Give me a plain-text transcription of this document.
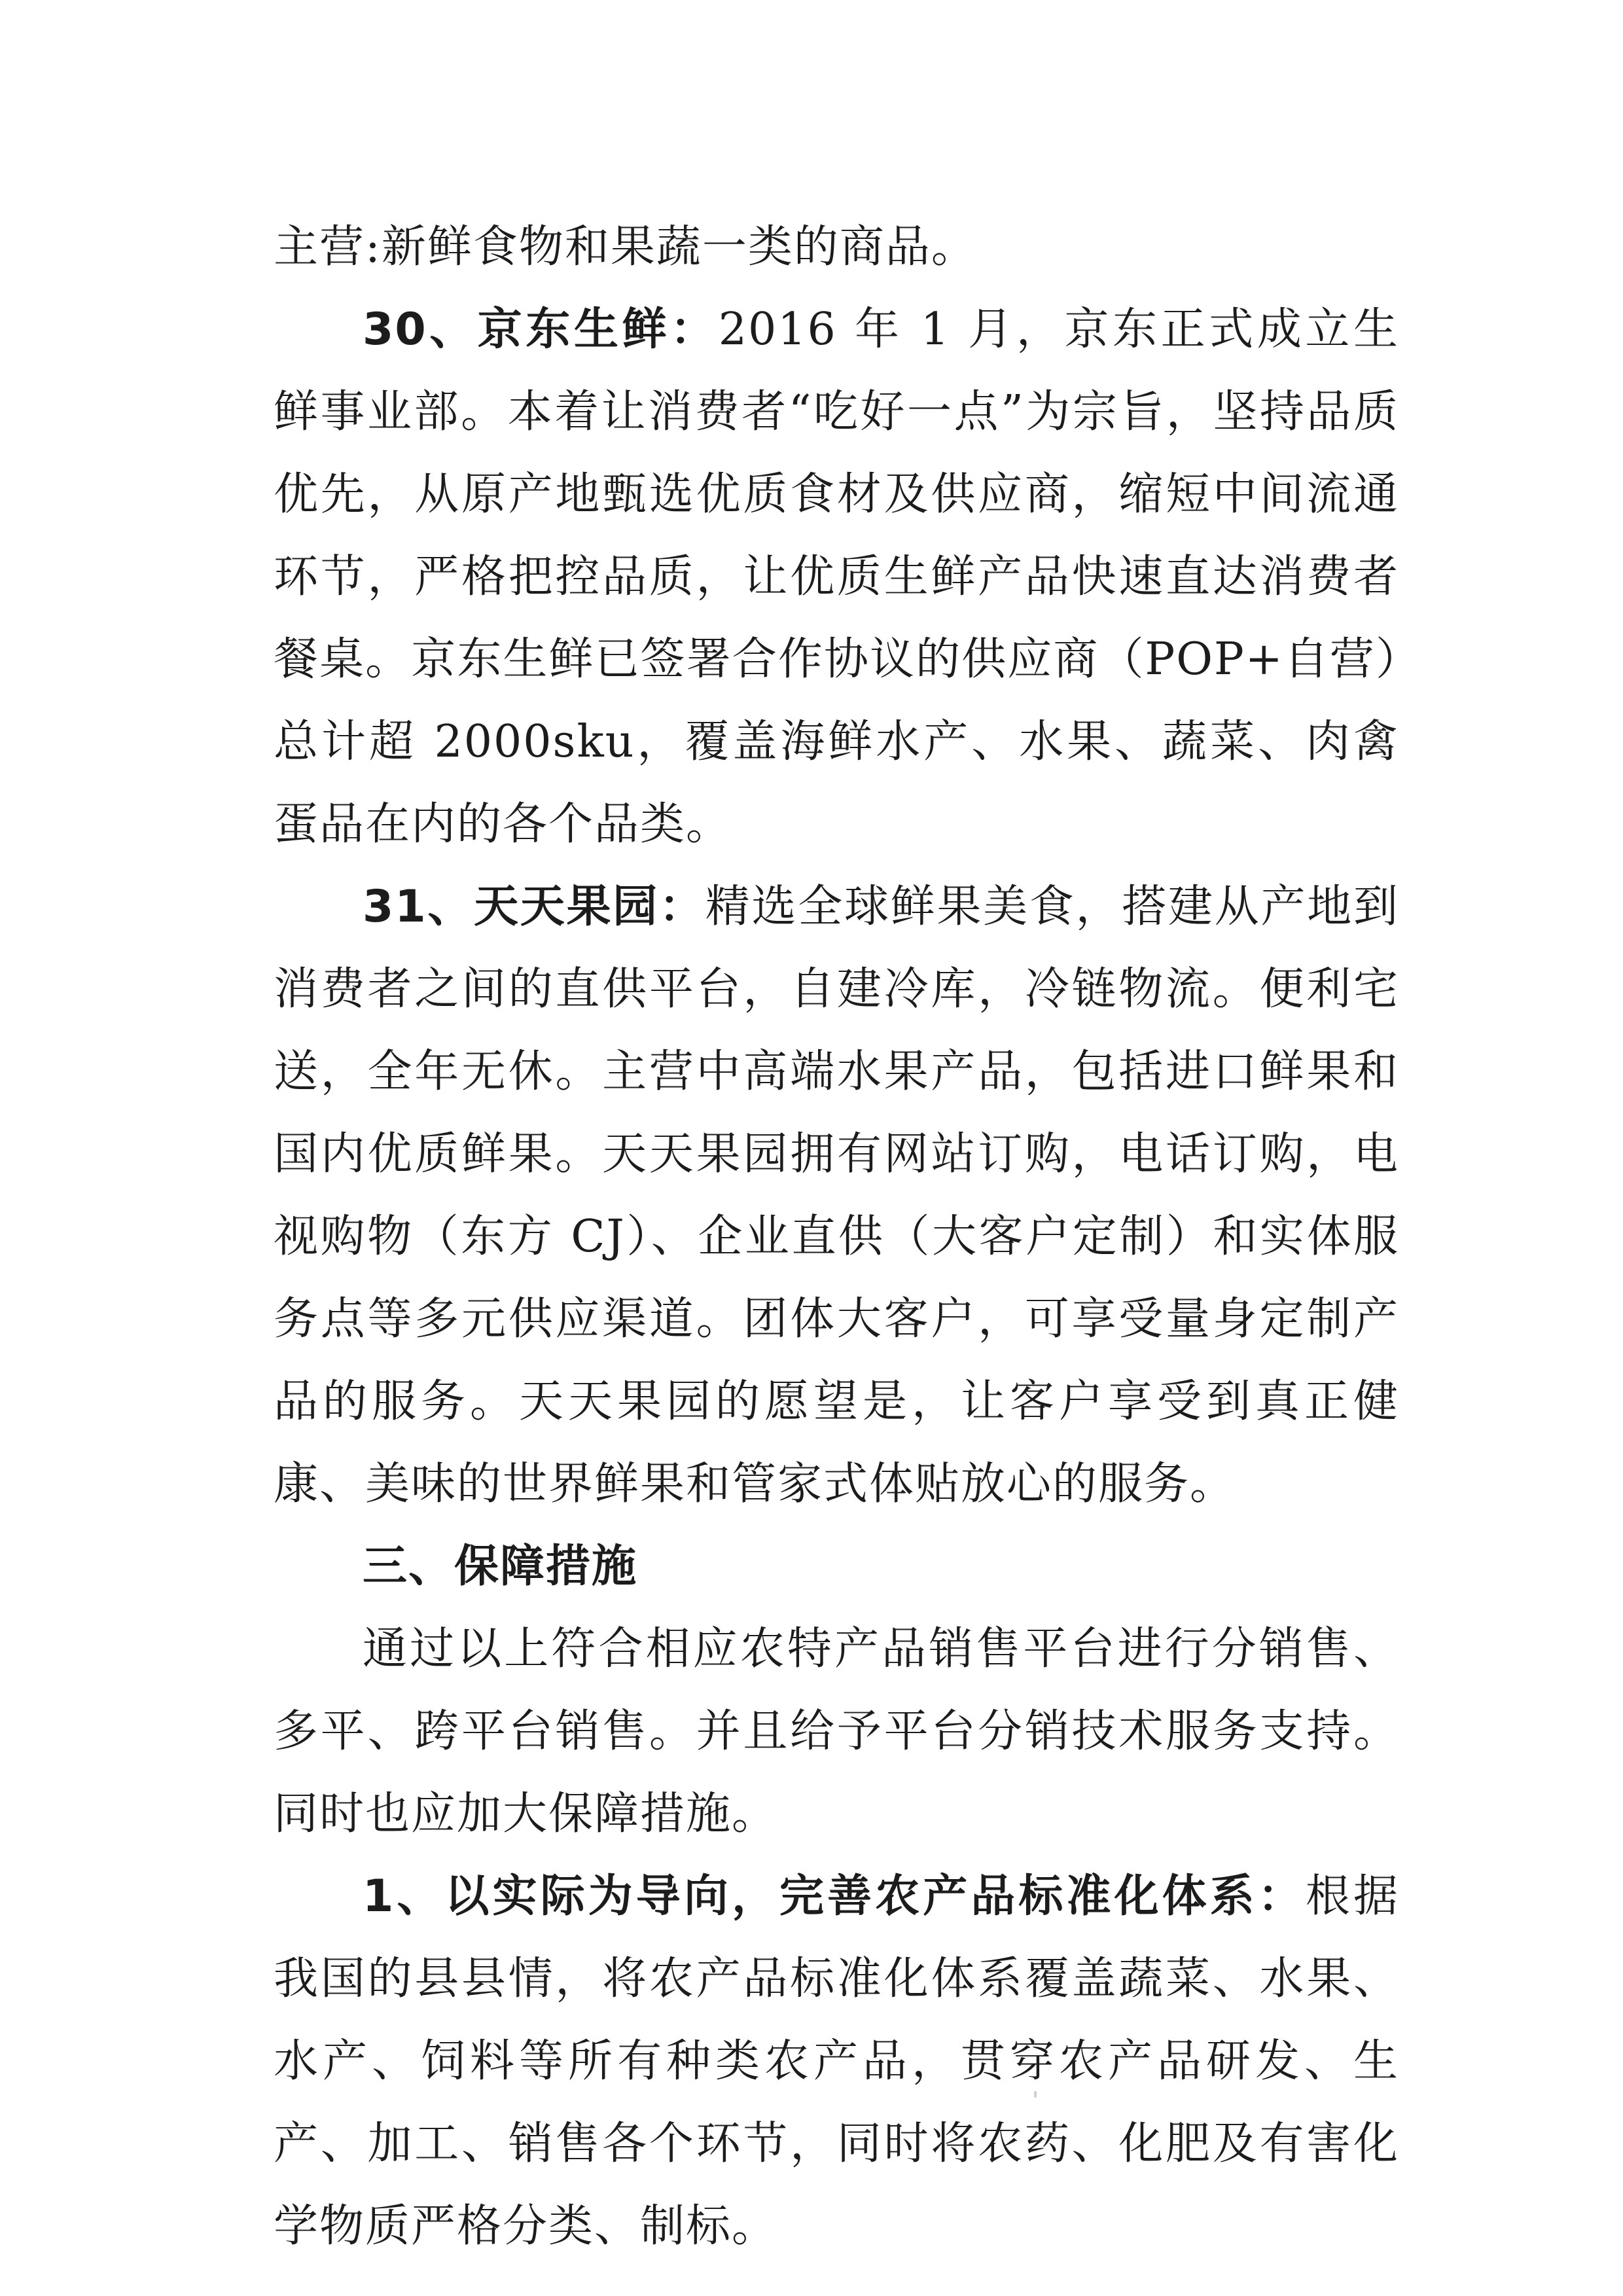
主营:新鲜食物和果蔬一类的商品。

30、京东生鲜：2016 年 1 月，京东正式成立生鲜事业部。本着让消费者“吃好一点”为宗旨，坚持品质优先，从原产地甄选优质食材及供应商，缩短中间流通环节，严格把控品质，让优质生鲜产品快速直达消费者餐桌。京东生鲜已签署合作协议的供应商（POP+自营）总计超 2000sku，覆盖海鲜水产、水果、蔬菜、肉禽蛋品在内的各个品类。

31、天天果园：精选全球鲜果美食，搭建从产地到消费者之间的直供平台，自建冷库，冷链物流。便利宅送，全年无休。主营中高端水果产品，包括进口鲜果和国内优质鲜果。天天果园拥有网站订购，电话订购，电视购物（东方 CJ）、企业直供（大客户定制）和实体服务点等多元供应渠道。团体大客户，可享受量身定制产品的服务。天天果园的愿望是，让客户享受到真正健康、美味的世界鲜果和管家式体贴放心的服务。

三、保障措施

通过以上符合相应农特产品销售平台进行分销售、多平、跨平台销售。并且给予平台分销技术服务支持。同时也应加大保障措施。

1、以实际为导向，完善农产品标准化体系：根据我国的县县情，将农产品标准化体系覆盖蔬菜、水果、水产、饲料等所有种类农产品，贯穿农产品研发、生产、加工、销售各个环节，同时将农药、化肥及有害化学物质严格分类、制标。
